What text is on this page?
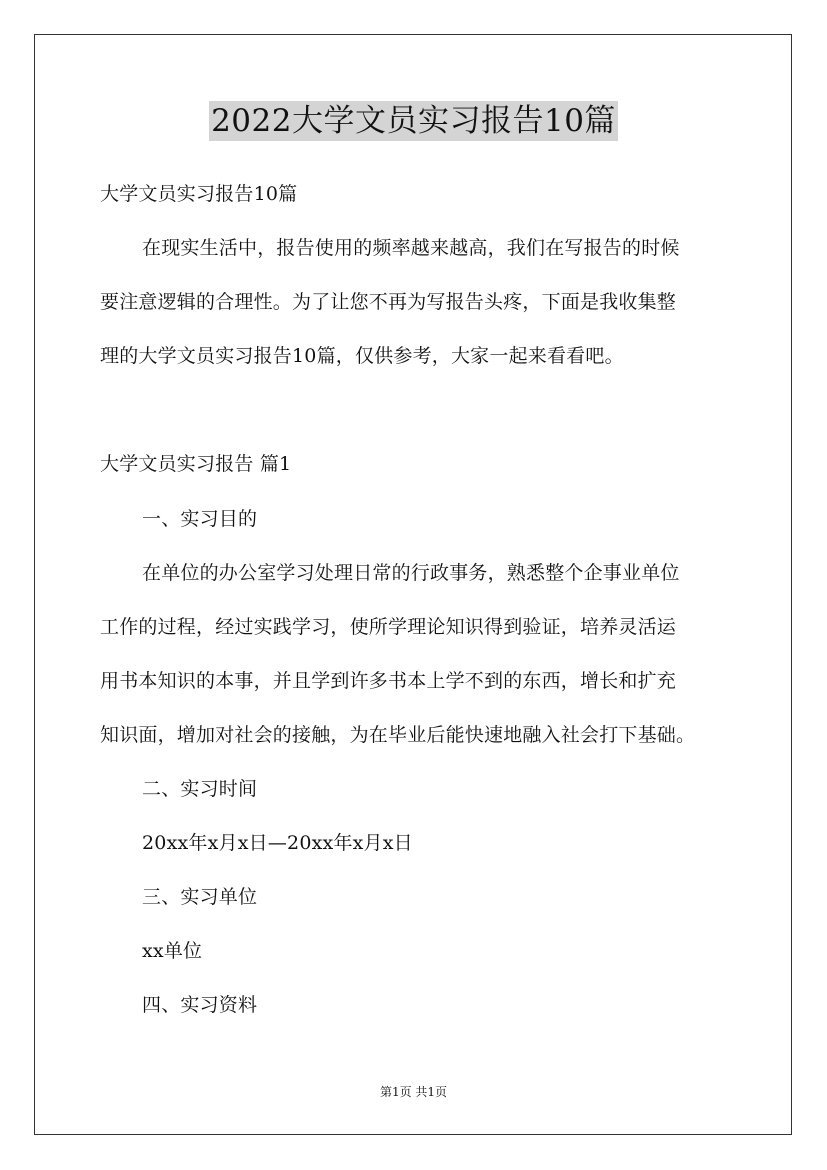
2022大学文员实习报告10篇
大学文员实习报告10篇
在现实生活中，报告使用的频率越来越高，我们在写报告的时候
要注意逻辑的合理性。为了让您不再为写报告头疼，下面是我收集整
理的大学文员实习报告10篇，仅供参考，大家一起来看看吧。
大学文员实习报告 篇1
一、实习目的
在单位的办公室学习处理日常的行政事务，熟悉整个企事业单位
工作的过程，经过实践学习，使所学理论知识得到验证，培养灵活运
用书本知识的本事，并且学到许多书本上学不到的东西，增长和扩充
知识面，增加对社会的接触，为在毕业后能快速地融入社会打下基础。
二、实习时间
20xx年x月x日—20xx年x月x日
三、实习单位
xx单位
四、实习资料
第1页 共1页
